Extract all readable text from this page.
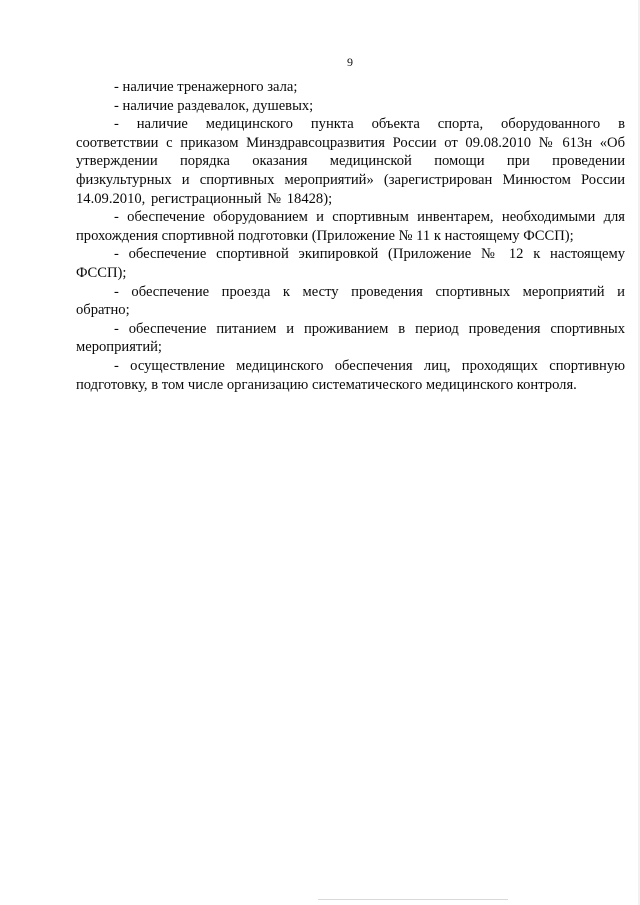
9

- наличие тренажерного зала;

- наличие раздевалок, душевых;

- наличие медицинского пункта объекта спорта, оборудованного в соответствии с приказом Минздравсоцразвития России от 09.08.2010 № 613н «Об утверждении порядка оказания медицинской помощи при проведении физкультурных и спортивных мероприятий» (зарегистрирован Минюстом России 14.09.2010, регистрационный № 18428);

- обеспечение оборудованием и спортивным инвентарем, необходимыми для прохождения спортивной подготовки (Приложение № 11 к настоящему ФССП);

- обеспечение спортивной экипировкой (Приложение № 12 к настоящему ФССП);

- обеспечение проезда к месту проведения спортивных мероприятий и обратно;

- обеспечение питанием и проживанием в период проведения спортивных мероприятий;

- осуществление медицинского обеспечения лиц, проходящих спортивную подготовку, в том числе организацию систематического медицинского контроля.
